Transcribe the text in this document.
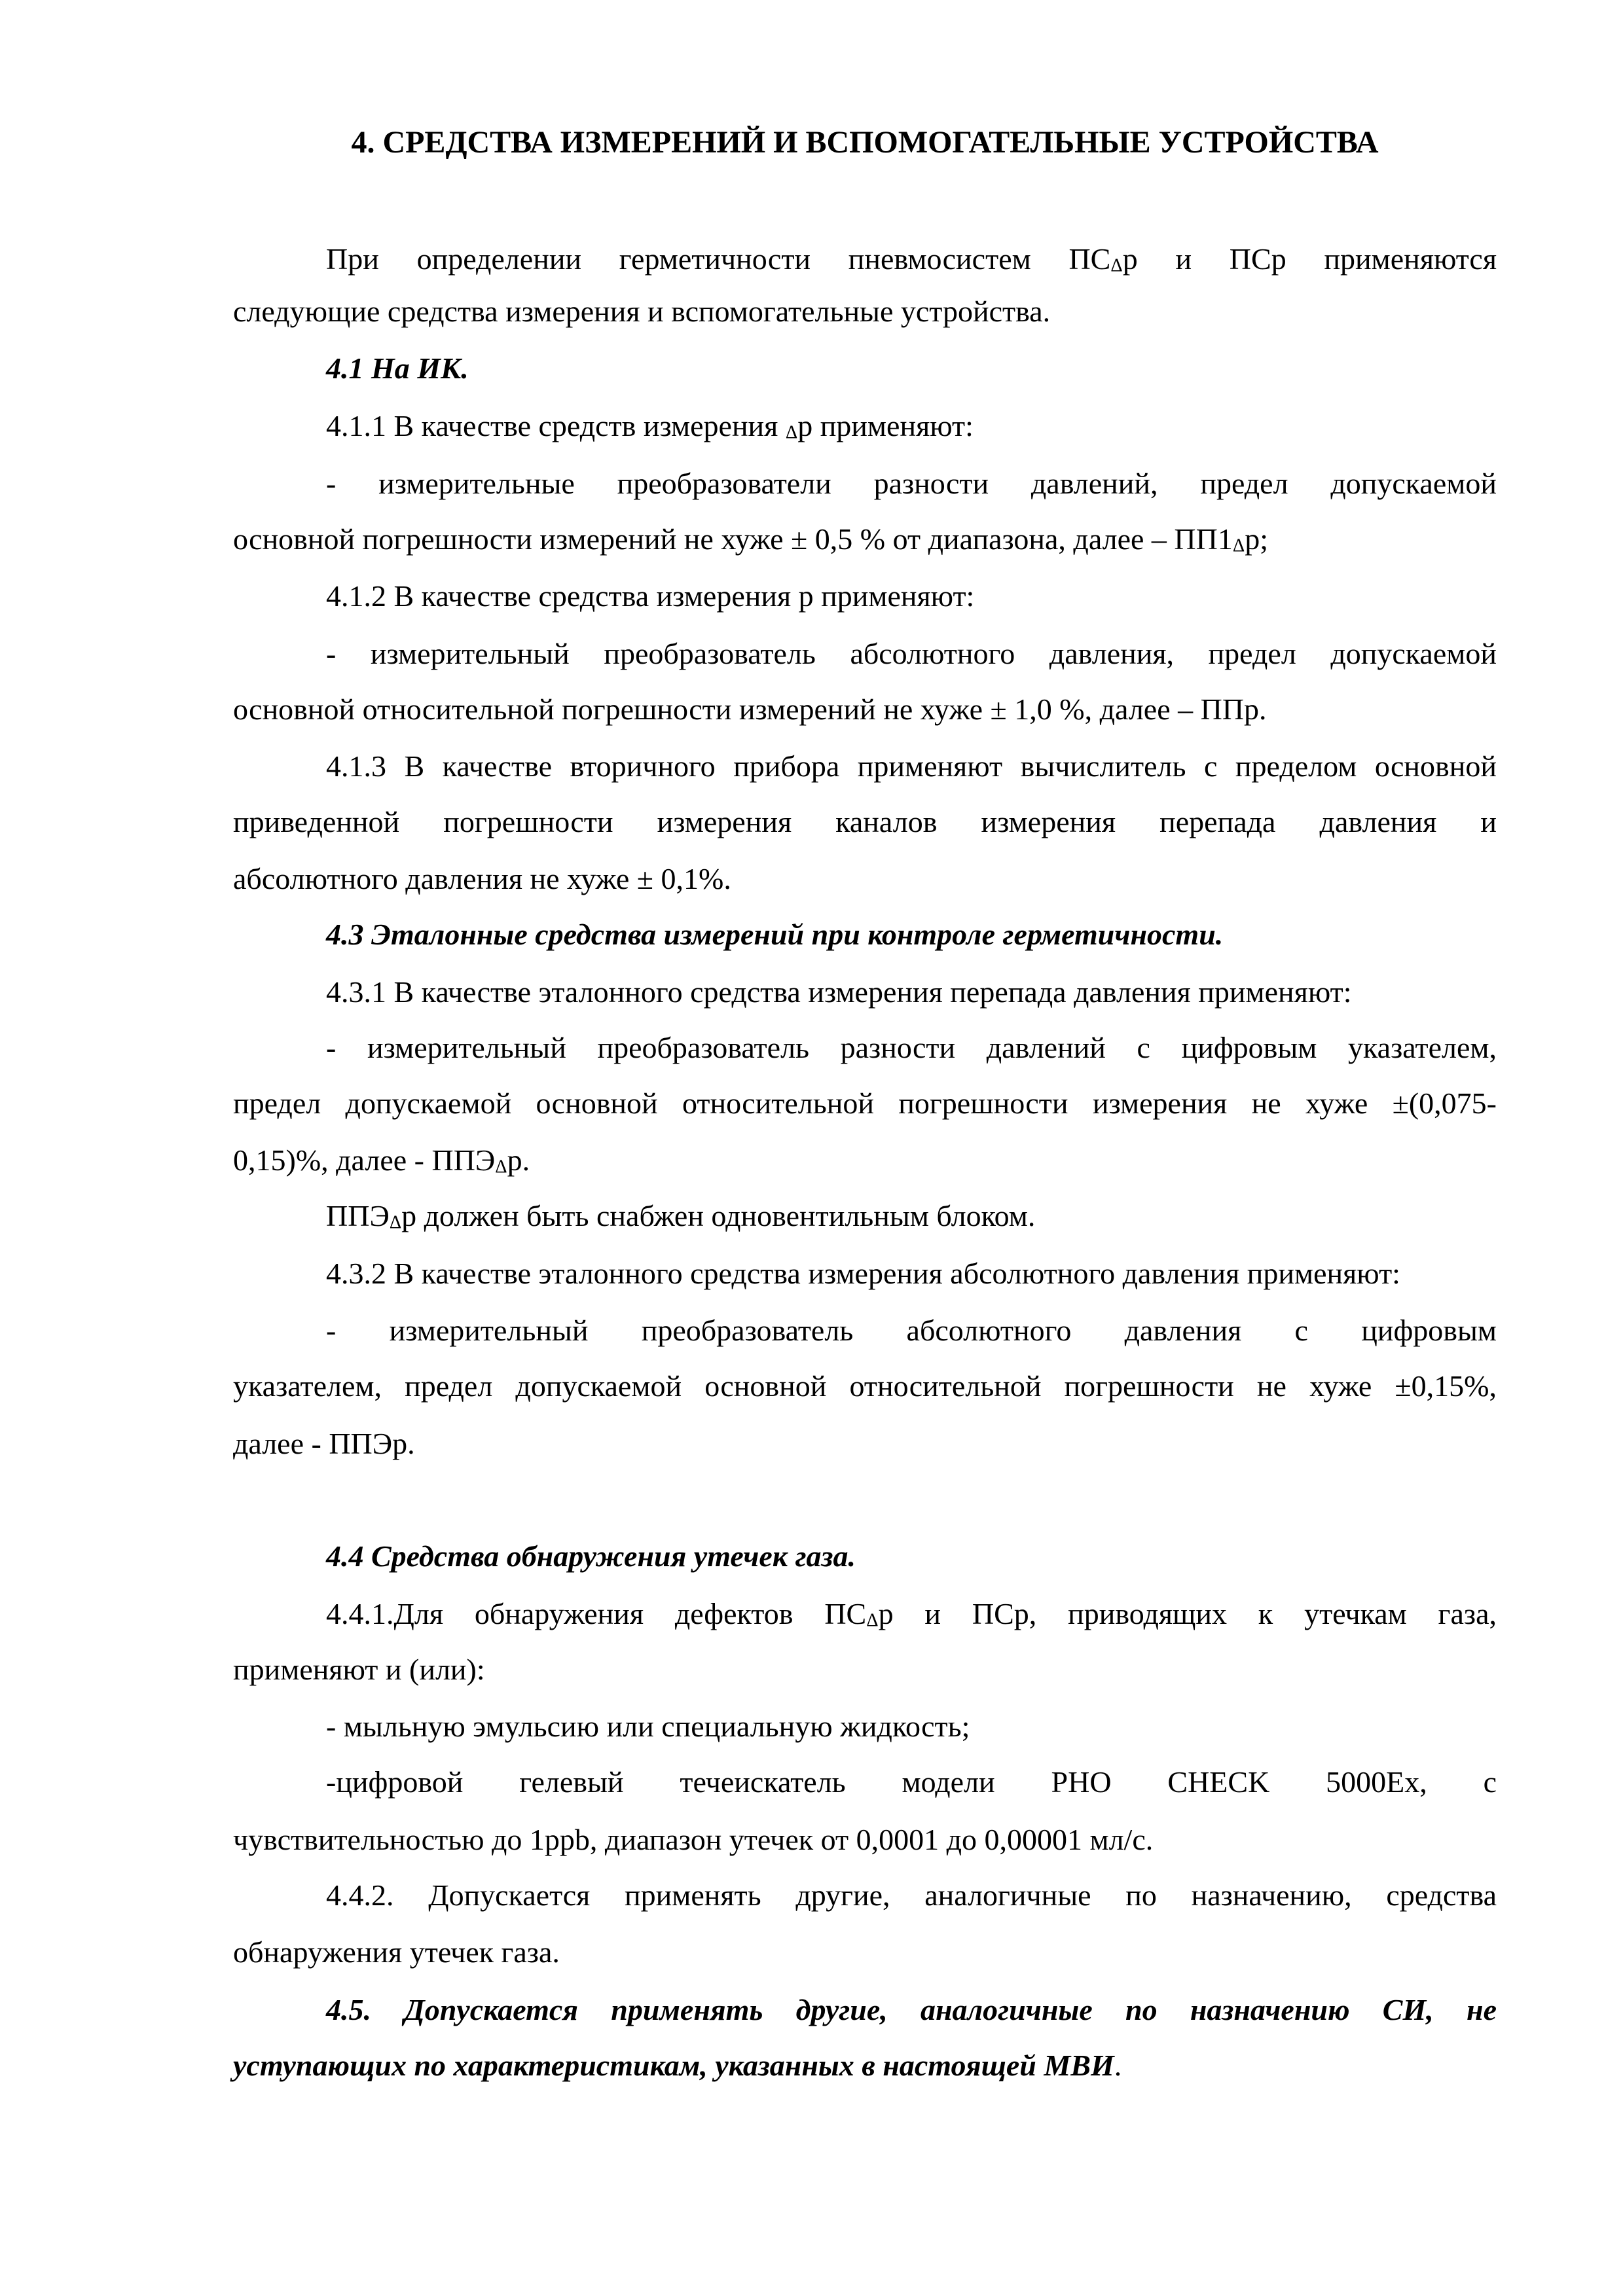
4. СРЕДСТВА ИЗМЕРЕНИЙ И ВСПОМОГАТЕЛЬНЫЕ УСТРОЙСТВА
При определении герметичности пневмосистем ПСΔр и ПСр применяются
следующие средства измерения и вспомогательные устройства.
4.1 На ИК.
4.1.1 В качестве средств измерения Δр применяют:
- измерительные преобразователи разности давлений, предел допускаемой
основной погрешности измерений не хуже ± 0,5 % от диапазона, далее – ПП1Δр;
4.1.2 В качестве средства измерения р применяют:
- измерительный преобразователь абсолютного давления, предел допускаемой
основной относительной погрешности измерений не хуже ± 1,0 %, далее – ППр.
4.1.3 В качестве вторичного прибора применяют вычислитель с пределом основной
приведенной погрешности измерения каналов измерения перепада давления и
абсолютного давления не хуже ± 0,1%.
4.3 Эталонные средства измерений при контроле герметичности.
4.3.1 В качестве эталонного средства измерения перепада давления применяют:
- измерительный преобразователь разности давлений с цифровым указателем,
предел допускаемой основной относительной погрешности измерения не хуже ±(0,075-
0,15)%, далее - ППЭΔр.
ППЭΔр должен быть снабжен одновентильным блоком.
4.3.2 В качестве эталонного средства измерения абсолютного давления применяют:
- измерительный преобразователь абсолютного давления с цифровым
указателем, предел допускаемой основной относительной погрешности не хуже ±0,15%,
далее - ППЭр.
4.4 Средства обнаружения утечек газа.
4.4.1.Для обнаружения дефектов ПСΔр и ПСр, приводящих к утечкам газа,
применяют и (или):
- мыльную эмульсию или специальную жидкость;
-цифровой гелевый течеискатель модели PHO CHECK 5000Ex, с
чувствительностью до 1ppb, диапазон утечек от 0,0001 до 0,00001 мл/с.
4.4.2. Допускается применять другие, аналогичные по назначению, средства
обнаружения утечек газа.
4.5. Допускается применять другие, аналогичные по назначению СИ, не
уступающих по характеристикам, указанных в настоящей МВИ.
